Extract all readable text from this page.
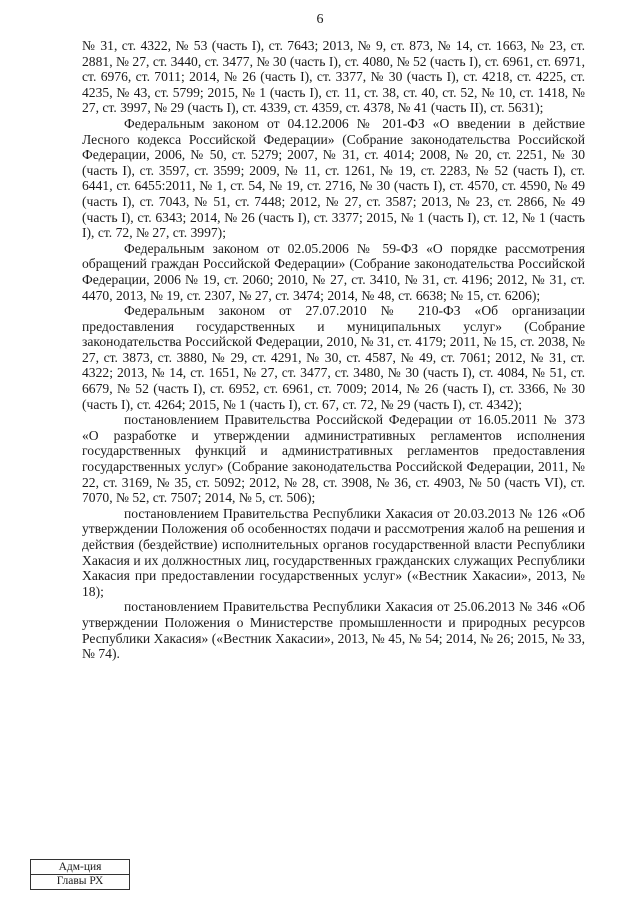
6

№ 31, ст. 4322, № 53 (часть I), ст. 7643; 2013, № 9, ст. 873, № 14, ст. 1663, № 23, ст. 2881, № 27, ст. 3440, ст. 3477, № 30 (часть I), ст. 4080, № 52 (часть I), ст. 6961, ст. 6971, ст. 6976, ст. 7011; 2014, № 26 (часть I), ст. 3377, № 30 (часть I), ст. 4218, ст. 4225, ст. 4235, № 43, ст. 5799; 2015, № 1 (часть I), ст. 11, ст. 38, ст. 40, ст. 52, № 10, ст. 1418, № 27, ст. 3997, № 29 (часть I), ст. 4339, ст. 4359, ст. 4378, № 41 (часть II), ст. 5631);

Федеральным законом от 04.12.2006 № 201-ФЗ «О введении в действие Лесного кодекса Российской Федерации» (Собрание законодательства Российской Федерации, 2006, № 50, ст. 5279; 2007, № 31, ст. 4014; 2008, № 20, ст. 2251, № 30 (часть I), ст. 3597, ст. 3599; 2009, № 11, ст. 1261, № 19, ст. 2283, № 52 (часть I), ст. 6441, ст. 6455:2011, № 1, ст. 54, № 19, ст. 2716, № 30 (часть I), ст. 4570, ст. 4590, № 49 (часть I), ст. 7043, № 51, ст. 7448; 2012, № 27, ст. 3587; 2013, № 23, ст. 2866, № 49 (часть I), ст. 6343; 2014, № 26 (часть I), ст. 3377; 2015, № 1 (часть I), ст. 12, № 1 (часть I), ст. 72, № 27, ст. 3997);

Федеральным законом от 02.05.2006 № 59-ФЗ «О порядке рассмотрения обращений граждан Российской Федерации» (Собрание законодательства Российской Федерации, 2006 № 19, ст. 2060; 2010, № 27, ст. 3410, № 31, ст. 4196; 2012, № 31, ст. 4470, 2013, № 19, ст. 2307, № 27, ст. 3474; 2014, № 48, ст. 6638; № 15, ст. 6206);

Федеральным законом от 27.07.2010 № 210-ФЗ «Об организации предоставления государственных и муниципальных услуг» (Собрание законодательства Российской Федерации, 2010, № 31, ст. 4179; 2011, № 15, ст. 2038, № 27, ст. 3873, ст. 3880, № 29, ст. 4291, № 30, ст. 4587, № 49, ст. 7061; 2012, № 31, ст. 4322; 2013, № 14, ст. 1651, № 27, ст. 3477, ст. 3480, № 30 (часть I), ст. 4084, № 51, ст. 6679, № 52 (часть I), ст. 6952, ст. 6961, ст. 7009; 2014, № 26 (часть I), ст. 3366, № 30 (часть I), ст. 4264; 2015, № 1 (часть I), ст. 67, ст. 72, № 29 (часть I), ст. 4342);

постановлением Правительства Российской Федерации от 16.05.2011 № 373 «О разработке и утверждении административных регламентов исполнения государственных функций и административных регламентов предоставления государственных услуг» (Собрание законодательства Российской Федерации, 2011, № 22, ст. 3169, № 35, ст. 5092; 2012, № 28, ст. 3908, № 36, ст. 4903, № 50 (часть VI), ст. 7070, № 52, ст. 7507; 2014, № 5, ст. 506);

постановлением Правительства Республики Хакасия от 20.03.2013 № 126 «Об утверждении Положения об особенностях подачи и рассмотрения жалоб на решения и действия (бездействие) исполнительных органов государственной власти Республики Хакасия и их должностных лиц, государственных гражданских служащих Республики Хакасия при предоставлении государственных услуг» («Вестник Хакасии», 2013, № 18);

постановлением Правительства Республики Хакасия от 25.06.2013 № 346 «Об утверждении Положения о Министерстве промышленности и природных ресурсов Республики Хакасия» («Вестник Хакасии», 2013, № 45, № 54; 2014, № 26; 2015, № 33, № 74).

Адм-ция
Главы РХ
